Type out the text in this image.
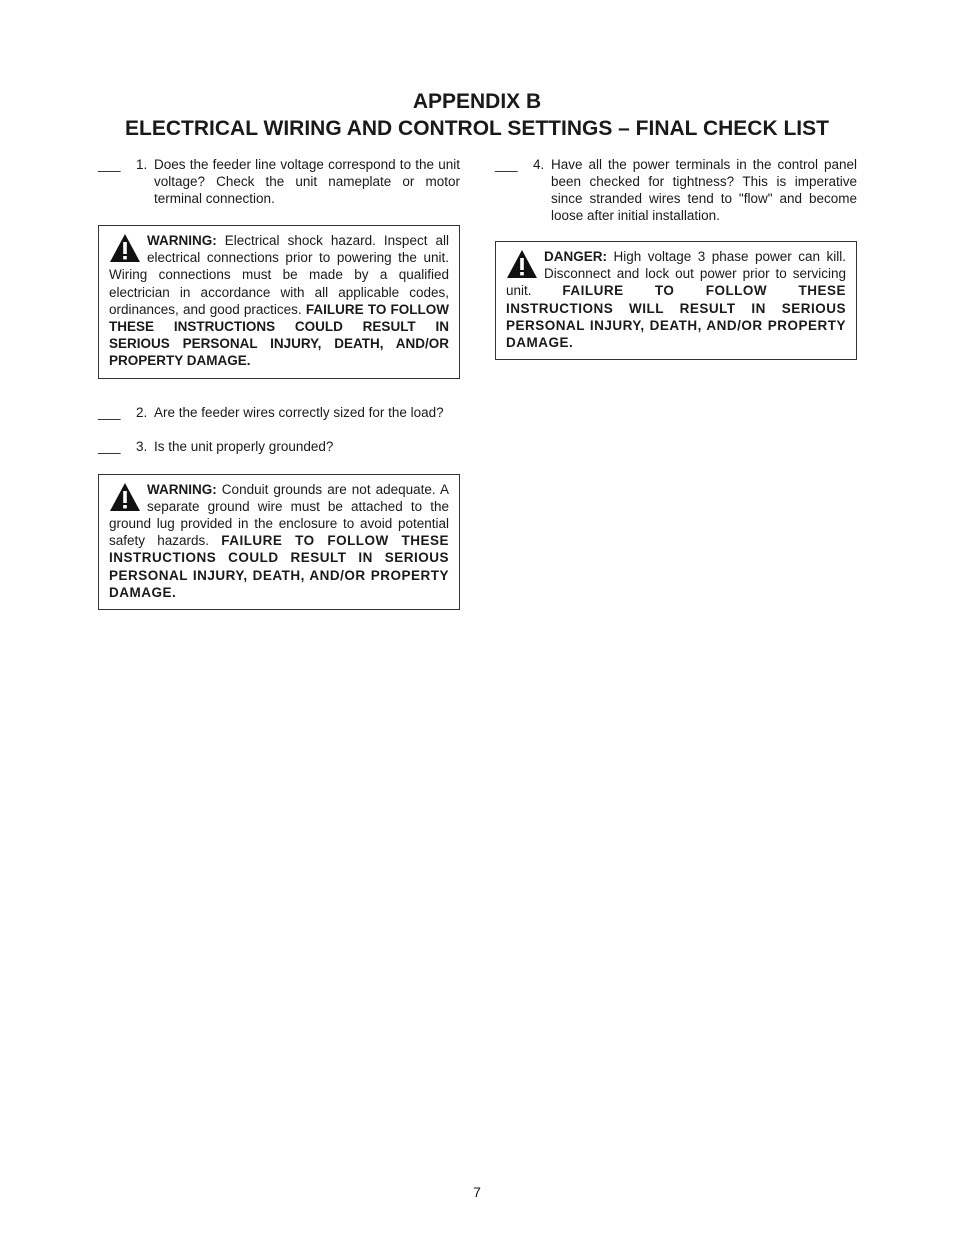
APPENDIX B
ELECTRICAL WIRING AND CONTROL SETTINGS – FINAL CHECK LIST
___ 1. Does the feeder line voltage correspond to the unit voltage? Check the unit nameplate or motor terminal connection.
WARNING: Electrical shock hazard. Inspect all electrical connections prior to powering the unit. Wiring connections must be made by a qualified electrician in accordance with all applicable codes, ordinances, and good practices. FAILURE TO FOLLOW THESE INSTRUCTIONS COULD RESULT IN SERIOUS PERSONAL INJURY, DEATH, AND/OR PROPERTY DAMAGE.
___ 2. Are the feeder wires correctly sized for the load?
___ 3. Is the unit properly grounded?
WARNING: Conduit grounds are not adequate. A separate ground wire must be attached to the ground lug provided in the enclosure to avoid potential safety hazards. FAILURE TO FOLLOW THESE INSTRUCTIONS COULD RESULT IN SERIOUS PERSONAL INJURY, DEATH, AND/OR PROPERTY DAMAGE.
___ 4. Have all the power terminals in the control panel been checked for tightness? This is imperative since stranded wires tend to "flow" and become loose after initial installation.
DANGER: High voltage 3 phase power can kill. Disconnect and lock out power prior to servicing unit. FAILURE TO FOLLOW THESE INSTRUCTIONS WILL RESULT IN SERIOUS PERSONAL INJURY, DEATH, AND/OR PROPERTY DAMAGE.
7
